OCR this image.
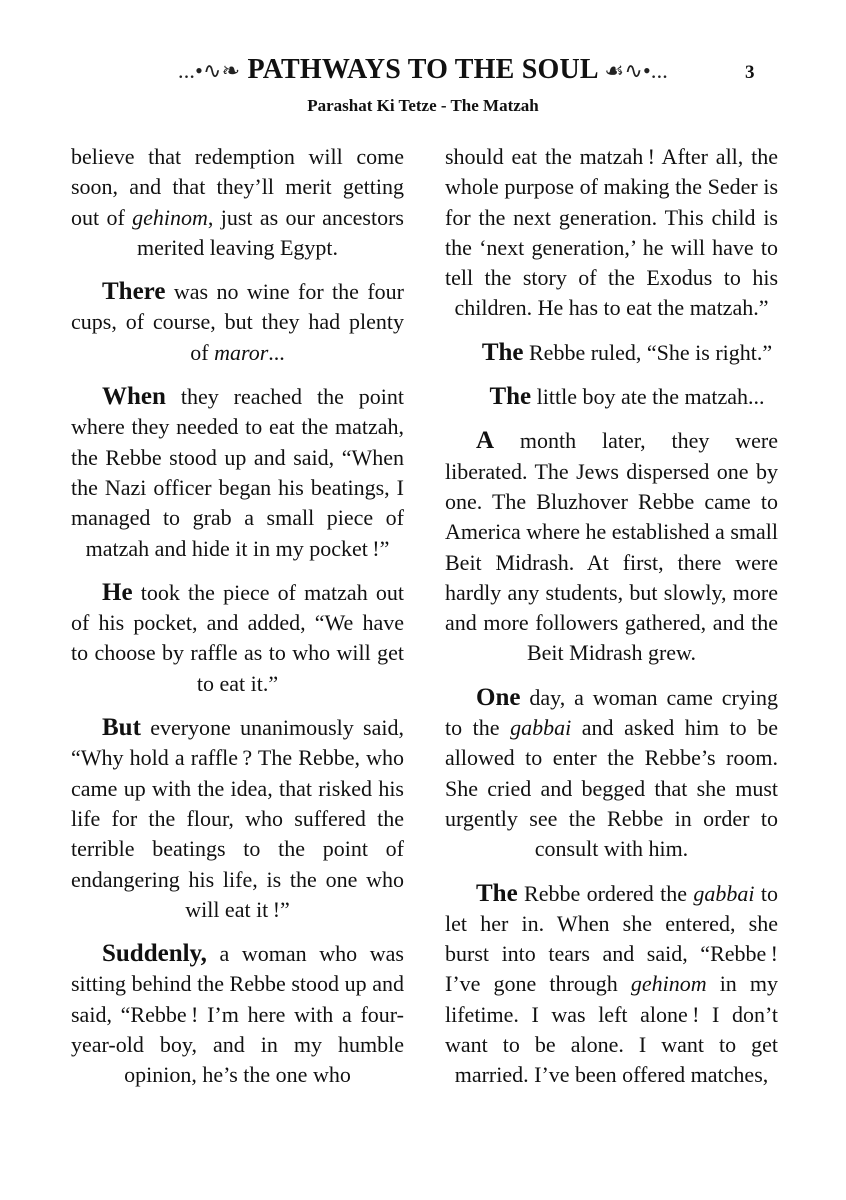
...•∿❧ PATHWAYS TO THE SOUL ☙∿•...	3
Parashat Ki Tetze - The Matzah

believe that redemption will come soon, and that they’ll merit getting out of gehinom, just as our ancestors merited leaving Egypt.

There was no wine for the four cups, of course, but they had plenty of maror...

When they reached the point where they needed to eat the matzah, the Rebbe stood up and said, “When the Nazi officer began his beatings, I managed to grab a small piece of matzah and hide it in my pocket !”

He took the piece of matzah out of his pocket, and added, “We have to choose by raffle as to who will get to eat it.”

But everyone unanimously said, “Why hold a raffle ? The Rebbe, who came up with the idea, that risked his life for the flour, who suffered the terrible beatings to the point of endangering his life, is the one who will eat it !”

Suddenly, a woman who was sitting behind the Rebbe stood up and said, “Rebbe ! I’m here with a four-year-old boy, and in my humble opinion, he’s the one who

should eat the matzah ! After all, the whole purpose of making the Seder is for the next generation. This child is the ‘next generation,’ he will have to tell the story of the Exodus to his children. He has to eat the matzah.”

The Rebbe ruled, “She is right.”

The little boy ate the matzah...

A month later, they were liberated. The Jews dispersed one by one. The Bluzhover Rebbe came to America where he established a small Beit Midrash. At first, there were hardly any students, but slowly, more and more followers gathered, and the Beit Midrash grew.

One day, a woman came crying to the gabbai and asked him to be allowed to enter the Rebbe’s room. She cried and begged that she must urgently see the Rebbe in order to consult with him.

The Rebbe ordered the gabbai to let her in. When she entered, she burst into tears and said, “Rebbe ! I’ve gone through gehinom in my lifetime. I was left alone ! I don’t want to be alone. I want to get married. I’ve been offered matches,
